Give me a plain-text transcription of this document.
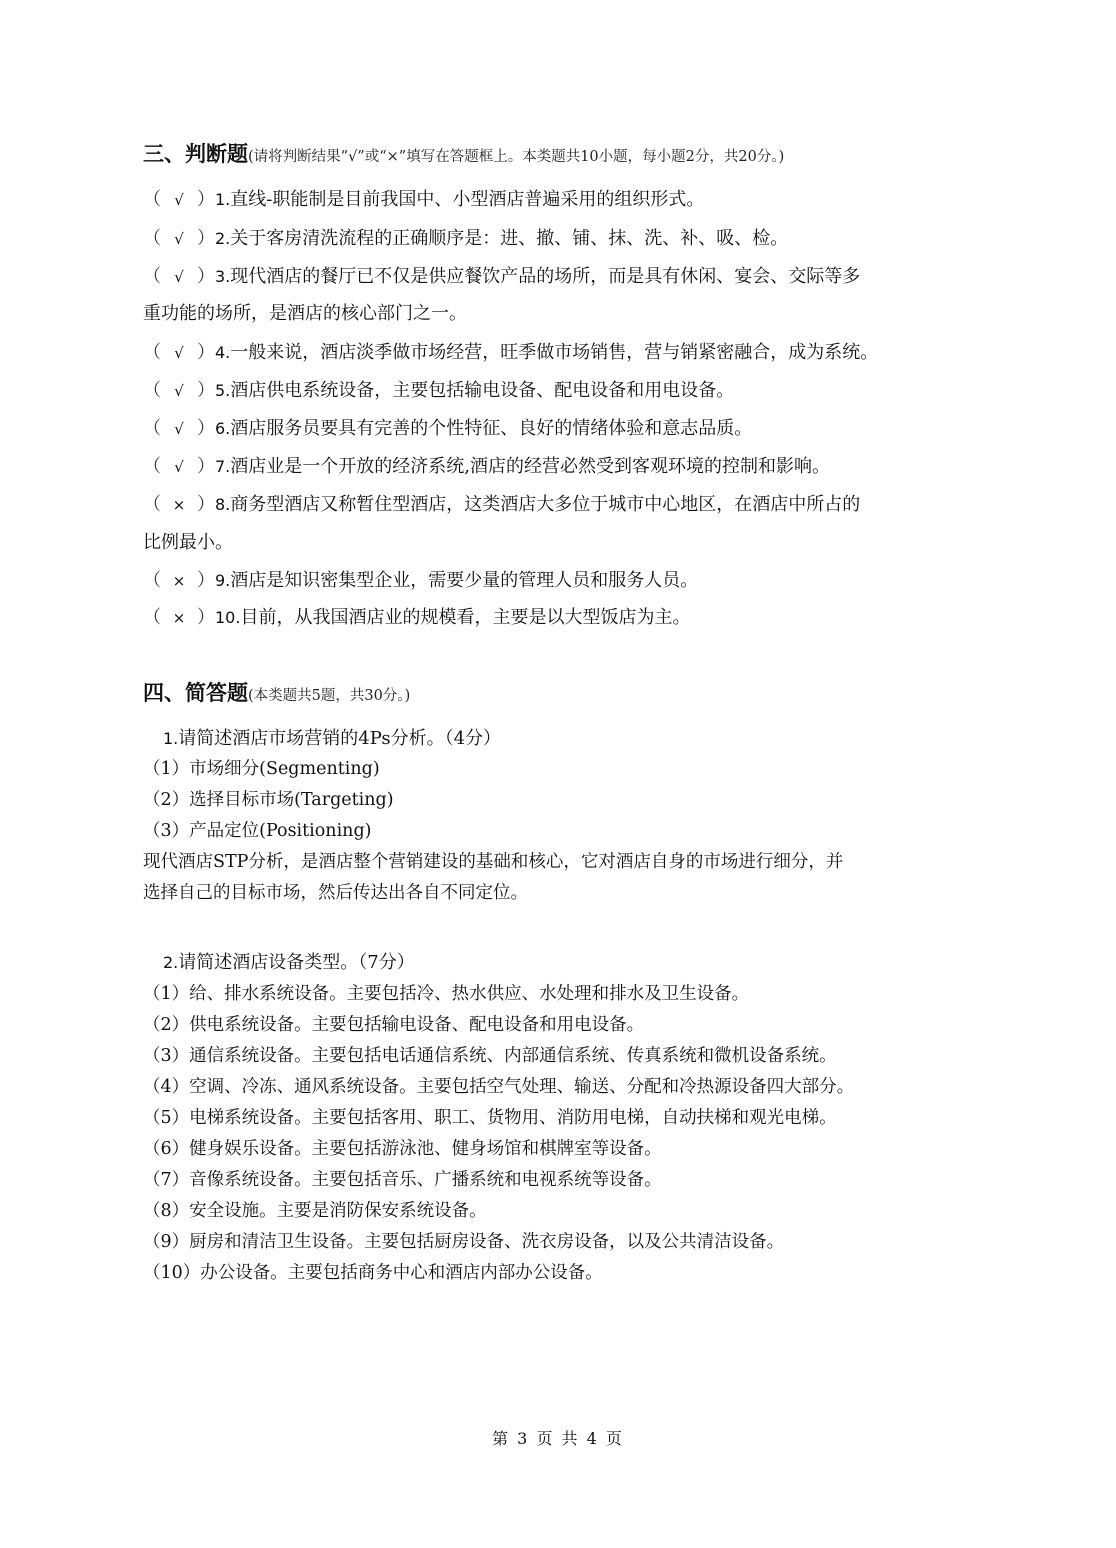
三、判断题(请将判断结果“√”或“×”填写在答题框上。本类题共10小题，每小题2分，共20分。)
（ √ ）1.直线-职能制是目前我国中、小型酒店普遍采用的组织形式。
（ √ ）2.关于客房清洗流程的正确顺序是：进、撤、铺、抹、洗、补、吸、检。
（ √ ）3.现代酒店的餐厅已不仅是供应餐饮产品的场所，而是具有休闲、宴会、交际等多
重功能的场所，是酒店的核心部门之一。
（ √ ）4.一般来说，酒店淡季做市场经营，旺季做市场销售，营与销紧密融合，成为系统。
（ √ ）5.酒店供电系统设备，主要包括输电设备、配电设备和用电设备。
（ √ ）6.酒店服务员要具有完善的个性特征、良好的情绪体验和意志品质。
（ √ ）7.酒店业是一个开放的经济系统,酒店的经营必然受到客观环境的控制和影响。
（ × ）8.商务型酒店又称暂住型酒店，这类酒店大多位于城市中心地区，在酒店中所占的
比例最小。
（ × ）9.酒店是知识密集型企业，需要少量的管理人员和服务人员。
（ × ）10.目前，从我国酒店业的规模看，主要是以大型饭店为主。
四、简答题(本类题共5题，共30分。)
1.请简述酒店市场营销的4Ps分析。（4分）
（1）市场细分(Segmenting)
（2）选择目标市场(Targeting)
（3）产品定位(Positioning)
现代酒店STP分析，是酒店整个营销建设的基础和核心，它对酒店自身的市场进行细分，并
选择自己的目标市场，然后传达出各自不同定位。
2.请简述酒店设备类型。（7分）
（1）给、排水系统设备。主要包括冷、热水供应、水处理和排水及卫生设备。
（2）供电系统设备。主要包括输电设备、配电设备和用电设备。
（3）通信系统设备。主要包括电话通信系统、内部通信系统、传真系统和微机设备系统。
（4）空调、冷冻、通风系统设备。主要包括空气处理、输送、分配和冷热源设备四大部分。
（5）电梯系统设备。主要包括客用、职工、货物用、消防用电梯，自动扶梯和观光电梯。
（6）健身娱乐设备。主要包括游泳池、健身场馆和棋牌室等设备。
（7）音像系统设备。主要包括音乐、广播系统和电视系统等设备。
（8）安全设施。主要是消防保安系统设备。
（9）厨房和清洁卫生设备。主要包括厨房设备、洗衣房设备，以及公共清洁设备。
（10）办公设备。主要包括商务中心和酒店内部办公设备。
第 3 页 共 4 页
